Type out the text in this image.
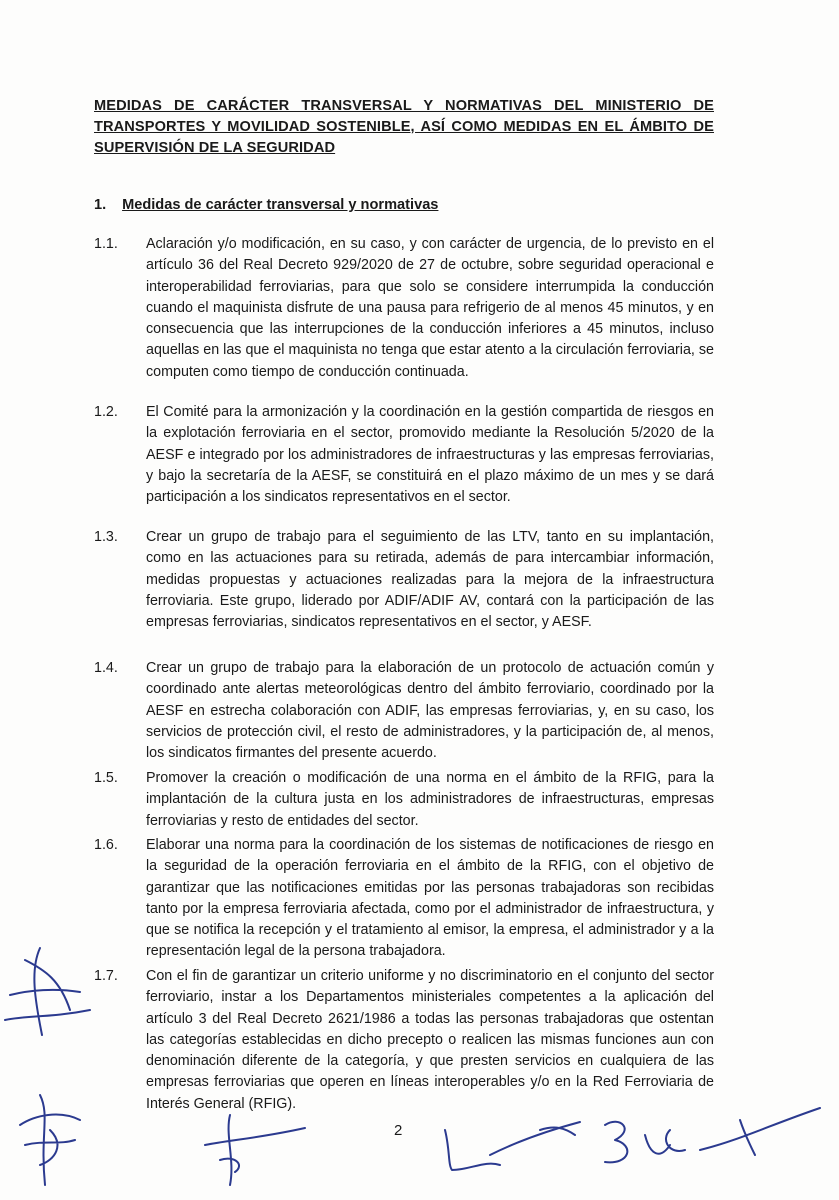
MEDIDAS DE CARÁCTER TRANSVERSAL Y NORMATIVAS DEL MINISTERIO DE
TRANSPORTES Y MOVILIDAD SOSTENIBLE, ASÍ COMO MEDIDAS EN EL ÁMBITO DE
SUPERVISIÓN DE LA SEGURIDAD
1. Medidas de carácter transversal y normativas
1.1.	Aclaración y/o modificación, en su caso, y con carácter de urgencia, de lo previsto en el artículo 36 del Real Decreto 929/2020 de 27 de octubre, sobre seguridad operacional e interoperabilidad ferroviarias, para que solo se considere interrumpida la conducción cuando el maquinista disfrute de una pausa para refrigerio de al menos 45 minutos, y en consecuencia que las interrupciones de la conducción inferiores a 45 minutos, incluso aquellas en las que el maquinista no tenga que estar atento a la circulación ferroviaria, se computen como tiempo de conducción continuada.
1.2.	El Comité para la armonización y la coordinación en la gestión compartida de riesgos en la explotación ferroviaria en el sector, promovido mediante la Resolución 5/2020 de la AESF e integrado por los administradores de infraestructuras y las empresas ferroviarias, y bajo la secretaría de la AESF, se constituirá en el plazo máximo de un mes y se dará participación a los sindicatos representativos en el sector.
1.3.	Crear un grupo de trabajo para el seguimiento de las LTV, tanto en su implantación, como en las actuaciones para su retirada, además de para intercambiar información, medidas propuestas y actuaciones realizadas para la mejora de la infraestructura ferroviaria. Este grupo, liderado por ADIF/ADIF AV, contará con la participación de las empresas ferroviarias, sindicatos representativos en el sector, y AESF.
1.4.	Crear un grupo de trabajo para la elaboración de un protocolo de actuación común y coordinado ante alertas meteorológicas dentro del ámbito ferroviario, coordinado por la AESF en estrecha colaboración con ADIF, las empresas ferroviarias, y, en su caso, los servicios de protección civil, el resto de administradores, y la participación de, al menos, los sindicatos firmantes del presente acuerdo.
1.5.	Promover la creación o modificación de una norma en el ámbito de la RFIG, para la implantación de la cultura justa en los administradores de infraestructuras, empresas ferroviarias y resto de entidades del sector.
1.6.	Elaborar una norma para la coordinación de los sistemas de notificaciones de riesgo en la seguridad de la operación ferroviaria en el ámbito de la RFIG, con el objetivo de garantizar que las notificaciones emitidas por las personas trabajadoras son recibidas tanto por la empresa ferroviaria afectada, como por el administrador de infraestructura, y que se notifica la recepción y el tratamiento al emisor, la empresa, el administrador y a la representación legal de la persona trabajadora.
1.7.	Con el fin de garantizar un criterio uniforme y no discriminatorio en el conjunto del sector ferroviario, instar a los Departamentos ministeriales competentes a la aplicación del artículo 3 del Real Decreto 2621/1986 a todas las personas trabajadoras que ostentan las categorías establecidas en dicho precepto o realicen las mismas funciones aun con denominación diferente de la categoría, y que presten servicios en cualquiera de las empresas ferroviarias que operen en líneas interoperables y/o en la Red Ferroviaria de Interés General (RFIG).
2
